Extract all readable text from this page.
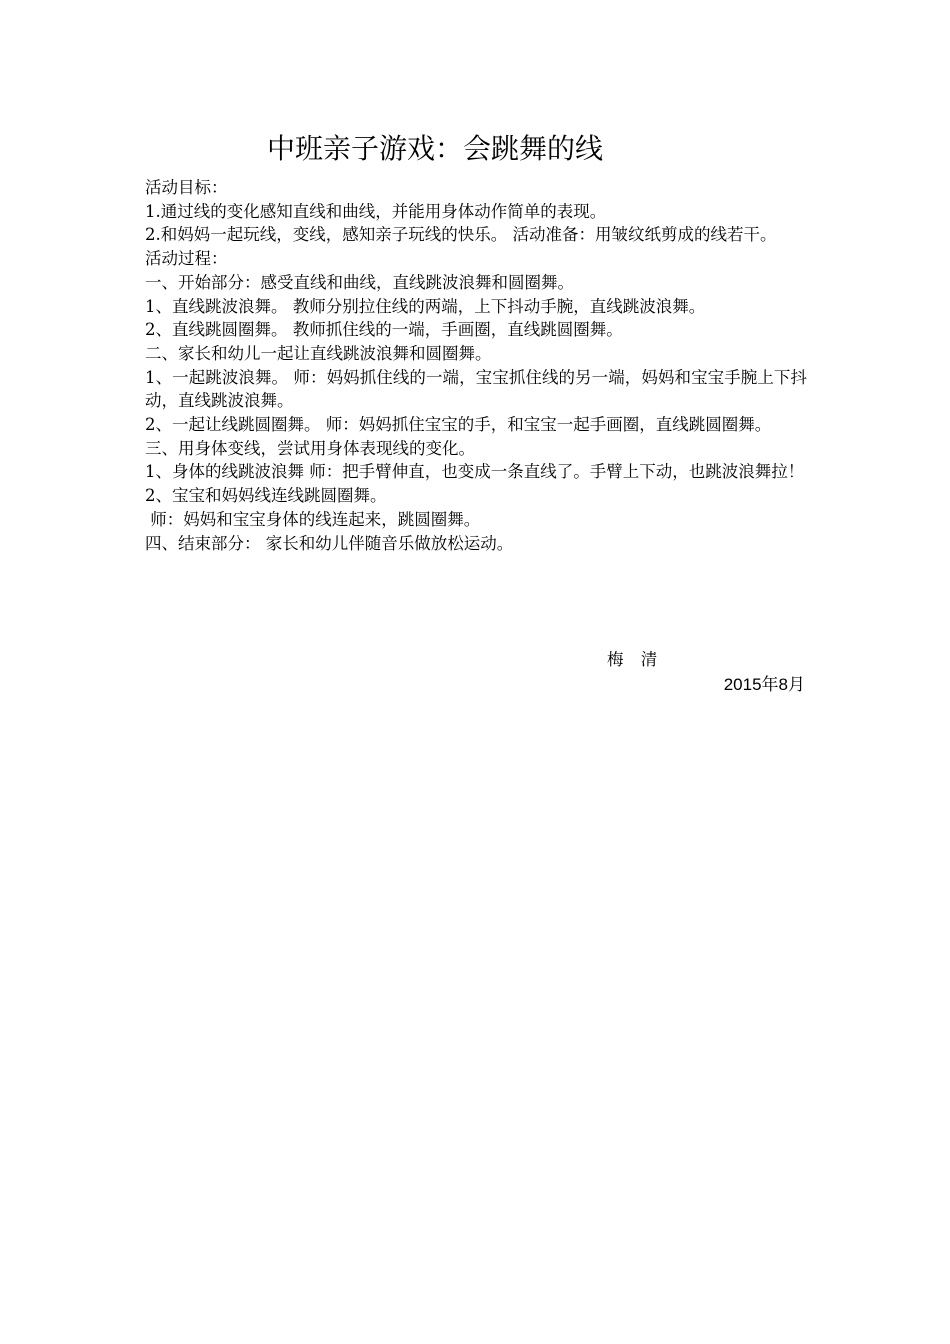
中班亲子游戏：会跳舞的线

活动目标：

1.通过线的变化感知直线和曲线，并能用身体动作简单的表现。

2.和妈妈一起玩线，变线，感知亲子玩线的快乐。 活动准备：用皱纹纸剪成的线若干。

活动过程：

一、开始部分：感受直线和曲线，直线跳波浪舞和圆圈舞。

1、直线跳波浪舞。 教师分别拉住线的两端，上下抖动手腕，直线跳波浪舞。

2、直线跳圆圈舞。 教师抓住线的一端，手画圈，直线跳圆圈舞。

二、家长和幼儿一起让直线跳波浪舞和圆圈舞。

1、一起跳波浪舞。 师：妈妈抓住线的一端，宝宝抓住线的另一端，妈妈和宝宝手腕上下抖动，直线跳波浪舞。

2、一起让线跳圆圈舞。 师：妈妈抓住宝宝的手，和宝宝一起手画圈，直线跳圆圈舞。

三、用身体变线，尝试用身体表现线的变化。

1、身体的线跳波浪舞 师：把手臂伸直，也变成一条直线了。手臂上下动，也跳波浪舞拉！

2、宝宝和妈妈线连线跳圆圈舞。

师：妈妈和宝宝身体的线连起来，跳圆圈舞。

四、结束部分： 家长和幼儿伴随音乐做放松运动。

梅 清
2015年8月
